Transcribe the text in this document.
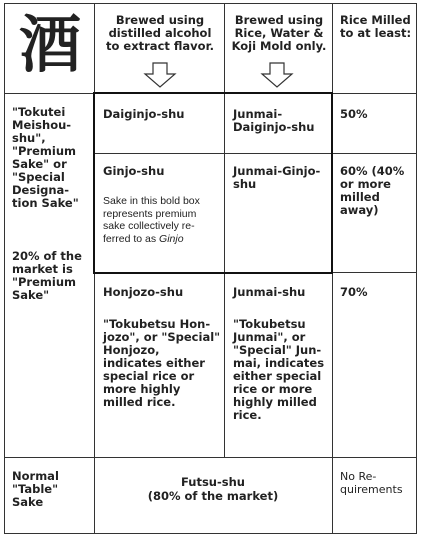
酒	Brewed using distilled alcohol to extract flavor.
Brewed using Rice, Water & Koji Mold only.
Rice Milled to at least:
"Tokutei Meishou-shu", "Premium Sake" or "Special Designa-tion Sake"
20% of the market is "Premium Sake"
Daiginjo-shu	Junmai-Daiginjo-shu
50%
Ginjo-shu
Sake in this bold box represents premium sake collectively re-ferred to as Ginjo
Junmai-Ginjo-shu
60% (40% or more milled away)
Honjozo-shu
"Tokubetsu Hon-jozo", or "Special" Honjozo, indicates either special rice or more highly milled rice.
Junmai-shu
"Tokubetsu Junmai", or "Special" Jun-mai, indicates either special rice or more highly milled rice.
70%
Normal "Table" Sake
Futsu-shu
(80% of the market)
No Re-quirements
